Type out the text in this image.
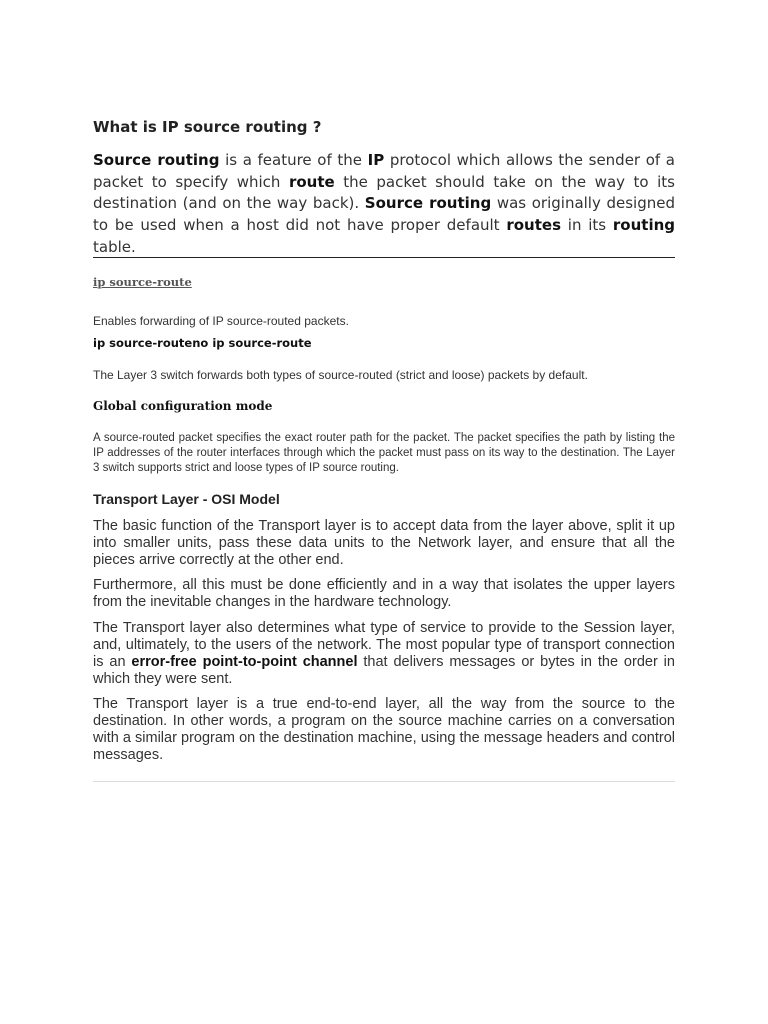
What is IP source routing ?

Source routing is a feature of the IP protocol which allows the sender of a packet to specify which route the packet should take on the way to its destination (and on the way back). Source routing was originally designed to be used when a host did not have proper default routes in its routing table.

ip source-route

Enables forwarding of IP source-routed packets.

ip source-routeno ip source-route

The Layer 3 switch forwards both types of source-routed (strict and loose) packets by default.

Global configuration mode

A source-routed packet specifies the exact router path for the packet. The packet specifies the path by listing the IP addresses of the router interfaces through which the packet must pass on its way to the destination. The Layer 3 switch supports strict and loose types of IP source routing.

Transport Layer - OSI Model

The basic function of the Transport layer is to accept data from the layer above, split it up into smaller units, pass these data units to the Network layer, and ensure that all the pieces arrive correctly at the other end.

Furthermore, all this must be done efficiently and in a way that isolates the upper layers from the inevitable changes in the hardware technology.

The Transport layer also determines what type of service to provide to the Session layer, and, ultimately, to the users of the network. The most popular type of transport connection is an error-free point-to-point channel that delivers messages or bytes in the order in which they were sent.

The Transport layer is a true end-to-end layer, all the way from the source to the destination. In other words, a program on the source machine carries on a conversation with a similar program on the destination machine, using the message headers and control messages.
